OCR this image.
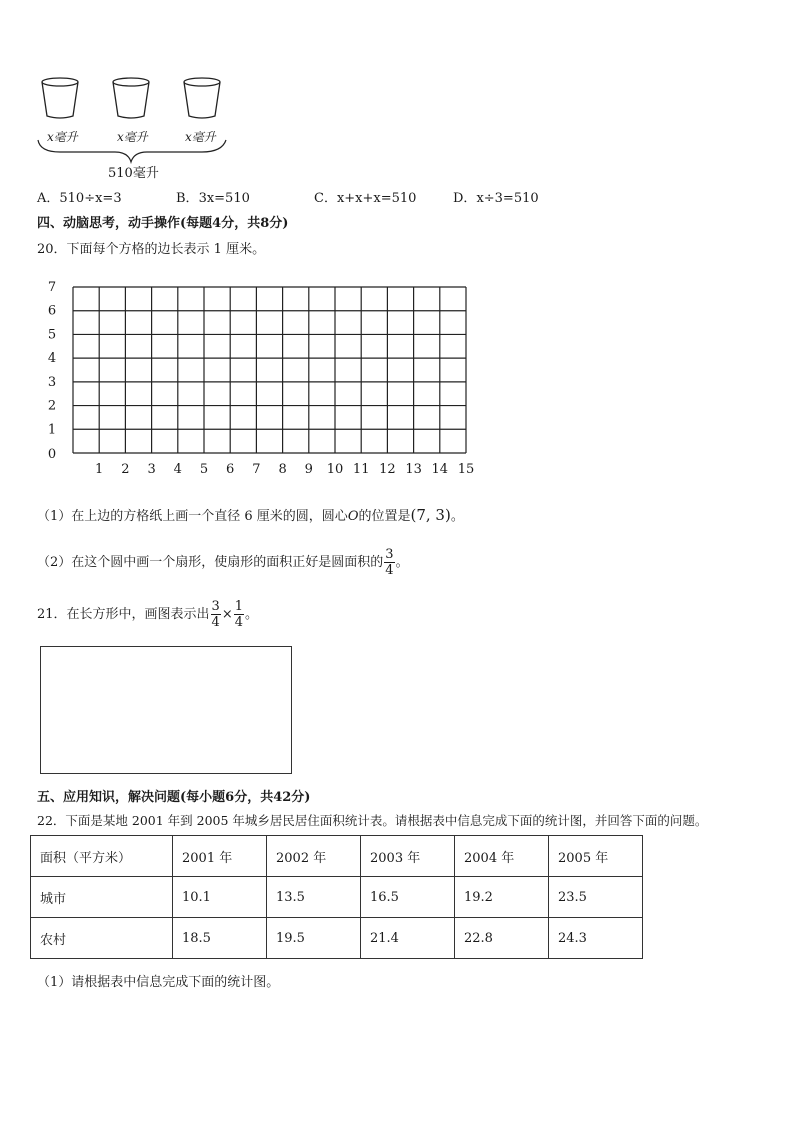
x毫升	x毫升	x毫升
510毫升
A．510÷x=3	B．3x=510	C．x+x+x=510	D．x÷3=510
四、动脑思考，动手操作(每题4分，共8分)
20．下面每个方格的边长表示 1 厘米。
0
1
2
3
4
5
6
7
1 2 3 4 5 6 7 8 9 10 11 12 13 14 15
（1）在上边的方格纸上画一个直径 6 厘米的圆，圆心O的位置是(7, 3)。
（2）在这个圆中画一个扇形，使扇形的面积正好是圆面积的 $\frac{3}{4}$ 。
21．在长方形中，画图表示出 $\frac{3}{4} \times \frac{1}{4}$ 。
五、应用知识，解决问题(每小题6分，共42分)
22．下面是某地 2001 年到 2005 年城乡居民居住面积统计表。请根据表中信息完成下面的统计图，并回答下面的问题。
面积（平方米）	2001 年	2002 年	2003 年	2004 年	2005 年
城市	10.1	13.5	16.5	19.2	23.5
农村	18.5	19.5	21.4	22.8	24.3
（1）请根据表中信息完成下面的统计图。
